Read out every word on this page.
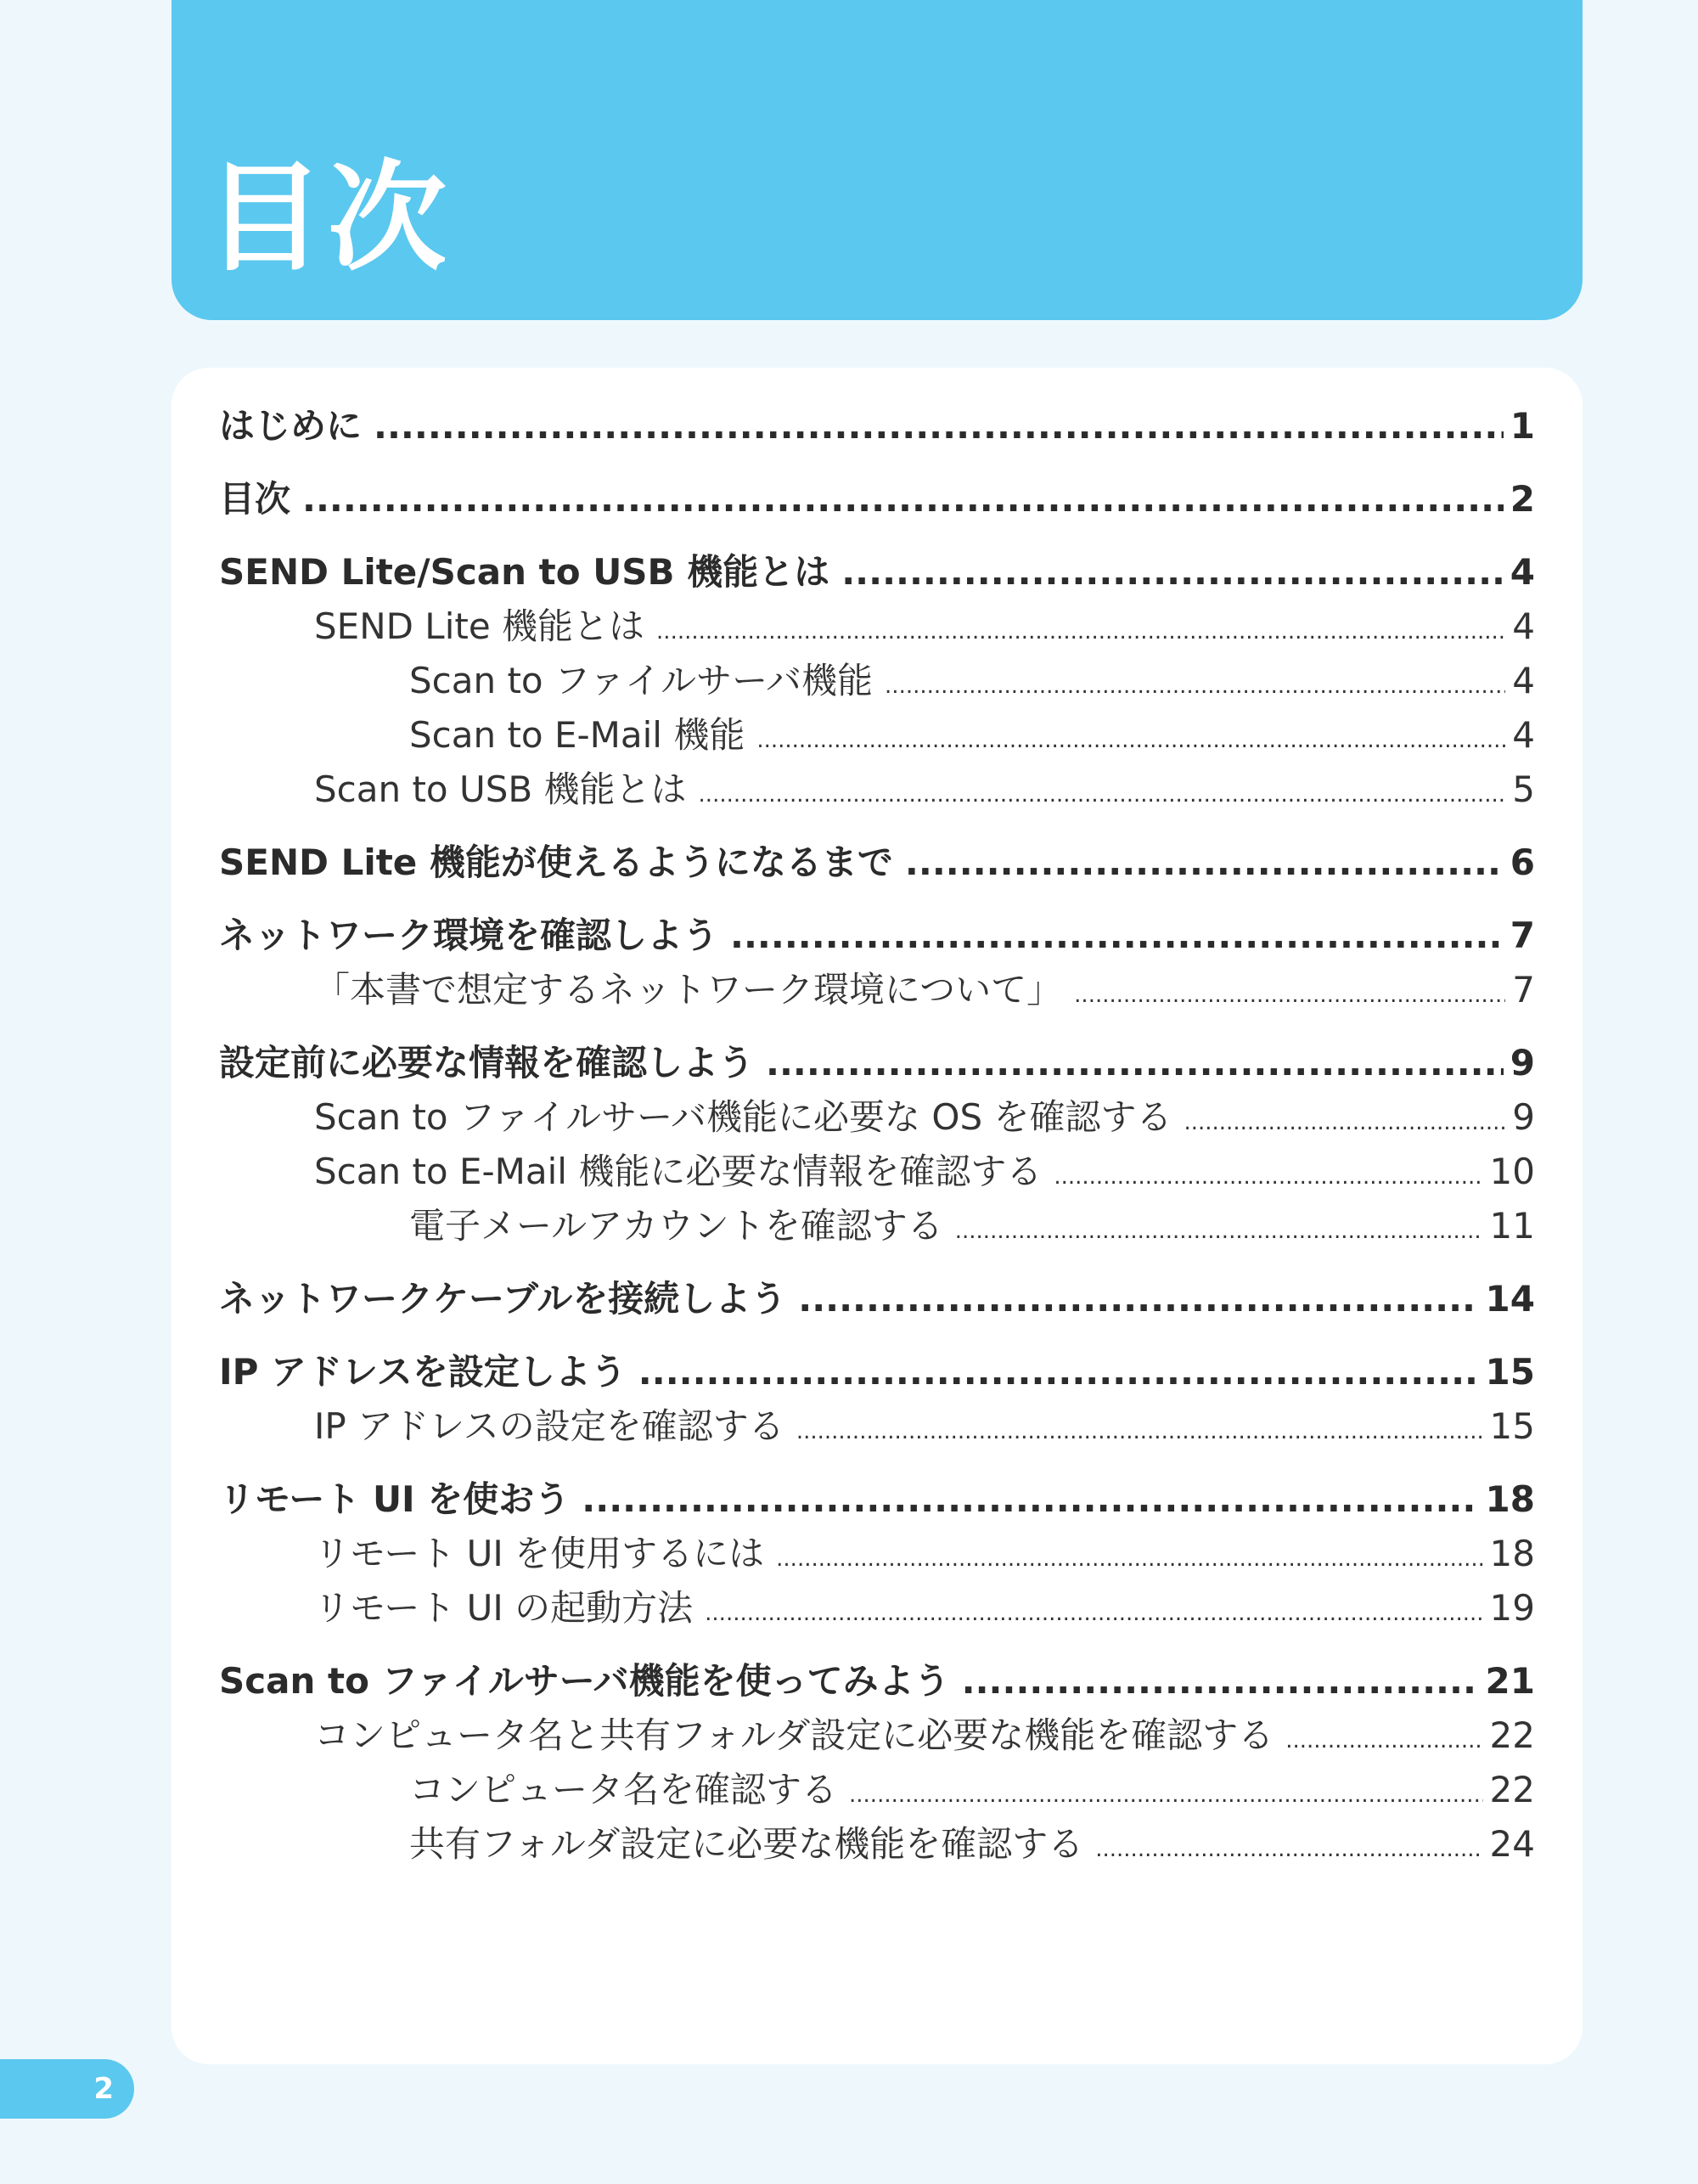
目次
はじめに .....	1
目次 .....	2
SEND Lite/Scan to USB 機能とは .....	4
SEND Lite 機能とは .....	4
Scan to ファイルサーバ機能 .....	4
Scan to E-Mail 機能 .....	4
Scan to USB 機能とは .....	5
SEND Lite 機能が使えるようになるまで .....	6
ネットワーク環境を確認しよう .....	7
「本書で想定するネットワーク環境について」 .....	7
設定前に必要な情報を確認しよう .....	9
Scan to ファイルサーバ機能に必要な OS を確認する .....	9
Scan to E-Mail 機能に必要な情報を確認する .....	10
電子メールアカウントを確認する .....	11
ネットワークケーブルを接続しよう .....	14
IP アドレスを設定しよう .....	15
IP アドレスの設定を確認する .....	15
リモート UI を使おう .....	18
リモート UI を使用するには .....	18
リモート UI の起動方法 .....	19
Scan to ファイルサーバ機能を使ってみよう .....	21
コンピュータ名と共有フォルダ設定に必要な機能を確認する .....	22
コンピュータ名を確認する .....	22
共有フォルダ設定に必要な機能を確認する .....	24
2
